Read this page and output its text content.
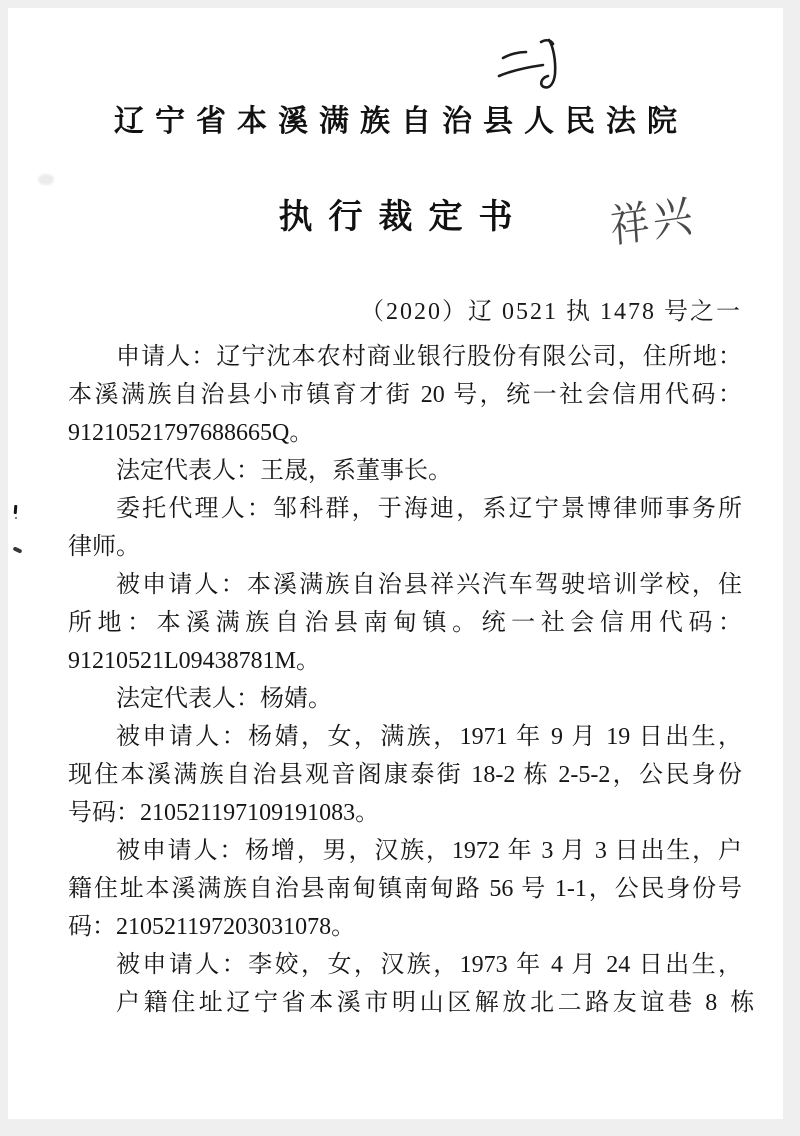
辽宁省本溪满族自治县人民法院
执行裁定书	祥兴
（2020）辽 0521 执 1478 号之一
申请人：辽宁沈本农村商业银行股份有限公司，住所地：
本溪满族自治县小市镇育才街 20 号，统一社会信用代码：
91210521797688665Q。
法定代表人：王晟，系董事长。
委托代理人：邹科群，于海迪，系辽宁景博律师事务所
律师。
被申请人：本溪满族自治县祥兴汽车驾驶培训学校，住
所地：本溪满族自治县南甸镇。统一社会信用代码：
91210521L09438781M。
法定代表人：杨婧。
被申请人：杨婧，女，满族，1971 年 9 月 19 日出生，
现住本溪满族自治县观音阁康泰街 18-2 栋 2-5-2，公民身份
号码：210521197109191083。
被申请人：杨增，男，汉族，1972 年 3 月 3 日出生，户
籍住址本溪满族自治县南甸镇南甸路 56 号 1-1，公民身份号
码：210521197203031078。
被申请人：李姣，女，汉族，1973 年 4 月 24 日出生，
户籍住址辽宁省本溪市明山区解放北二路友谊巷 8 栋
